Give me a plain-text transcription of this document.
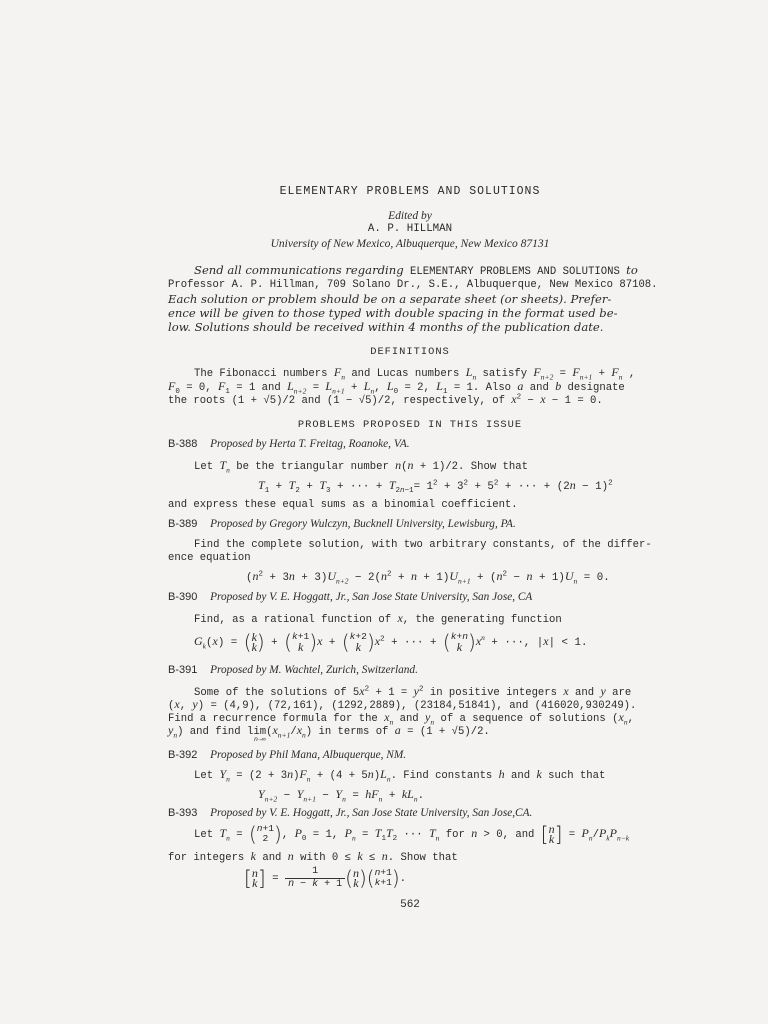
ELEMENTARY PROBLEMS AND SOLUTIONS
Edited by
A. P. HILLMAN
University of New Mexico, Albuquerque, New Mexico 87131
Send all communications regarding ELEMENTARY PROBLEMS AND SOLUTIONS to
Professor A. P. Hillman, 709 Solano Dr., S.E., Albuquerque, New Mexico 87108.
Each solution or problem should be on a separate sheet (or sheets). Prefer-
ence will be given to those typed with double spacing in the format used be-
low. Solutions should be received within 4 months of the publication date.
DEFINITIONS
The Fibonacci numbers $F_n$ and Lucas numbers $L_n$ satisfy $F_{n+2} = F_{n+1} + F_n$ ,
$F_0 = 0$, $F_1 = 1$ and $L_{n+2} = L_{n+1} + L_n$, $L_0 = 2$, $L_1 = 1$. Also a and b designate
the roots (1 + √5)/2 and (1 − √5)/2, respectively, of $x^2 - x - 1 = 0$.
PROBLEMS PROPOSED IN THIS ISSUE
B-388 Proposed by Herta T. Freitag, Roanoke, VA.
Let $T_n$ be the triangular number n(n + 1)/2. Show that
$T_1 + T_2 + T_3$ + ··· + $T_{2n-1}= 1^2 + 3^2 + 5^2$ + ··· + $(2n - 1)^2$
and express these equal sums as a binomial coefficient.
B-389 Proposed by Gregory Wulczyn, Bucknell University, Lewisburg, PA.
Find the complete solution, with two arbitrary constants, of the differ-
ence equation
$(n^2 + 3n + 3)U_{n+2} - 2(n^2 + n + 1)U_{n+1} + (n^2 - n + 1)U_n = 0$.
B-390 Proposed by V. E. Hoggatt, Jr., San Jose State University, San Jose, CA
Find, as a rational function of x, the generating function
$G_k(x)$ = ( k
k ) + ( k+1
k )x + ( k+2
k )$x^2$ + ··· + ( k+n
k )$x^n$ + ···, |x| < 1.
B-391 Proposed by M. Wachtel, Zurich, Switzerland.
Some of the solutions of $5x^2 + 1 = y^2$ in positive integers x and y are
(x, y) = (4,9), (72,161), (1292,2889), (23184,51841), and (416020,930249).
Find a recurrence formula for the $x_n$ and $y_n$ of a sequence of solutions ($x_n$,
$y_n$) and find $\lim(x_{n+1}/x_n)$ in terms of a = (1 + √5)/2.
n→∞
B-392 Proposed by Phil Mana, Albuquerque, NM.
Let $Y_n = (2 + 3n)F_n + (4 + 5n)L_n$. Find constants h and k such that
$Y_{n+2} - Y_{n+1} - Y_n = hF_n + kL_n$.
B-393 Proposed by V. E. Hoggatt, Jr., San Jose State University, San Jose,CA.
Let $T_n$ = ( n+1
2 ), $P_0 = 1$, $P_n = T_1T_2$ ··· $T_n$ for n > 0, and [ n
k ] = $P_n/P_kP_{n-k}$
for integers k and n with 0 ≤ k ≤ n. Show that
[ n
k ] = $\frac{1}{n - k + 1}$ ( n
k )( n+1
k+1 ).
562
